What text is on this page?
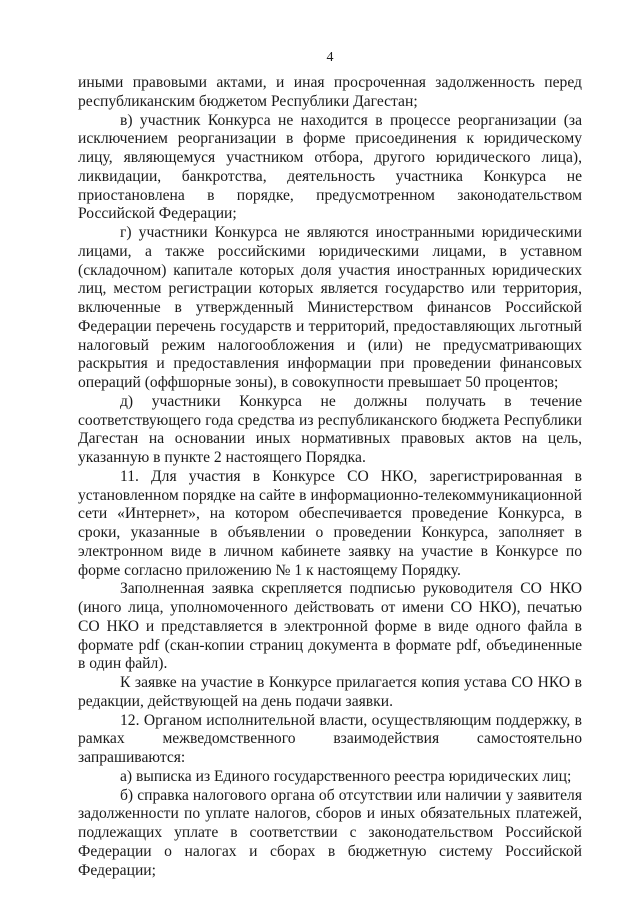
4

иными правовыми актами, и иная просроченная задолженность перед республиканским бюджетом Республики Дагестан;

в) участник Конкурса не находится в процессе реорганизации (за исключением реорганизации в форме присоединения к юридическому лицу, являющемуся участником отбора, другого юридического лица), ликвидации, банкротства, деятельность участника Конкурса не приостановлена в порядке, предусмотренном законодательством Российской Федерации;

г) участники Конкурса не являются иностранными юридическими лицами, а также российскими юридическими лицами, в уставном (складочном) капитале которых доля участия иностранных юридических лиц, местом регистрации которых является государство или территория, включенные в утвержденный Министерством финансов Российской Федерации перечень государств и территорий, предоставляющих льготный налоговый режим налогообложения и (или) не предусматривающих раскрытия и предоставления информации при проведении финансовых операций (оффшорные зоны), в совокупности превышает 50 процентов;

д) участники Конкурса не должны получать в течение соответствующего года средства из республиканского бюджета Республики Дагестан на основании иных нормативных правовых актов на цель, указанную в пункте 2 настоящего Порядка.

11. Для участия в Конкурсе СО НКО, зарегистрированная в установленном порядке на сайте в информационно-телекоммуникационной сети «Интернет», на котором обеспечивается проведение Конкурса, в сроки, указанные в объявлении о проведении Конкурса, заполняет в электронном виде в личном кабинете заявку на участие в Конкурсе по форме согласно приложению № 1 к настоящему Порядку.

Заполненная заявка скрепляется подписью руководителя СО НКО (иного лица, уполномоченного действовать от имени СО НКО), печатью СО НКО и представляется в электронной форме в виде одного файла в формате pdf (скан-копии страниц документа в формате pdf, объединенные в один файл).

К заявке на участие в Конкурсе прилагается копия устава СО НКО в редакции, действующей на день подачи заявки.

12. Органом исполнительной власти, осуществляющим поддержку, в рамках межведомственного взаимодействия самостоятельно запрашиваются:

а) выписка из Единого государственного реестра юридических лиц;

б) справка налогового органа об отсутствии или наличии у заявителя задолженности по уплате налогов, сборов и иных обязательных платежей, подлежащих уплате в соответствии с законодательством Российской Федерации о налогах и сборах в бюджетную систему Российской Федерации;
